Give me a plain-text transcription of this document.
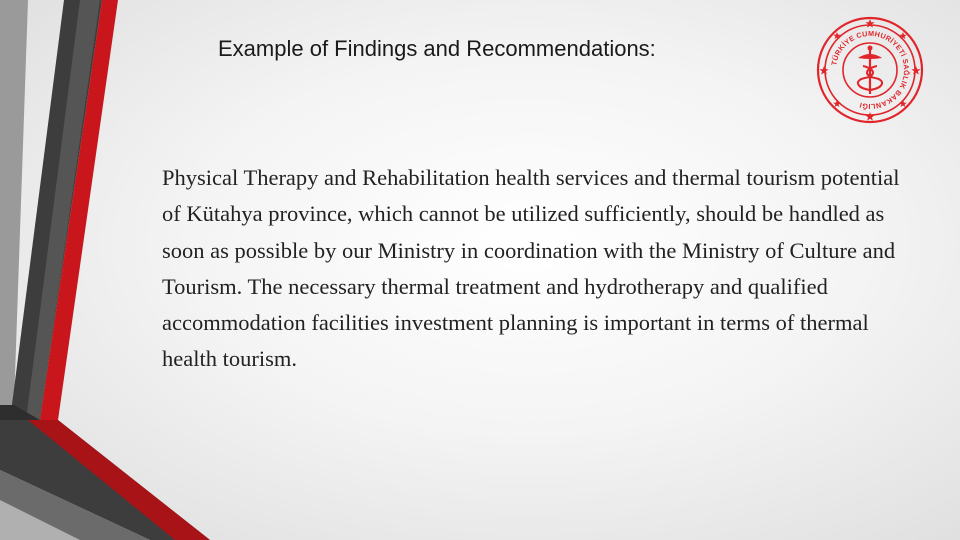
Example of Findings and Recommendations:
TÜRKİYE CUMHURİYETİ SAĞLIK BAKANLIĞI
Physical Therapy and Rehabilitation health services and thermal tourism potential of Kütahya province, which cannot be utilized sufficiently, should be handled as soon as possible by our Ministry in coordination with the Ministry of Culture and Tourism. The necessary thermal treatment and hydrotherapy and qualified accommodation facilities investment planning is important in terms of thermal health tourism.
